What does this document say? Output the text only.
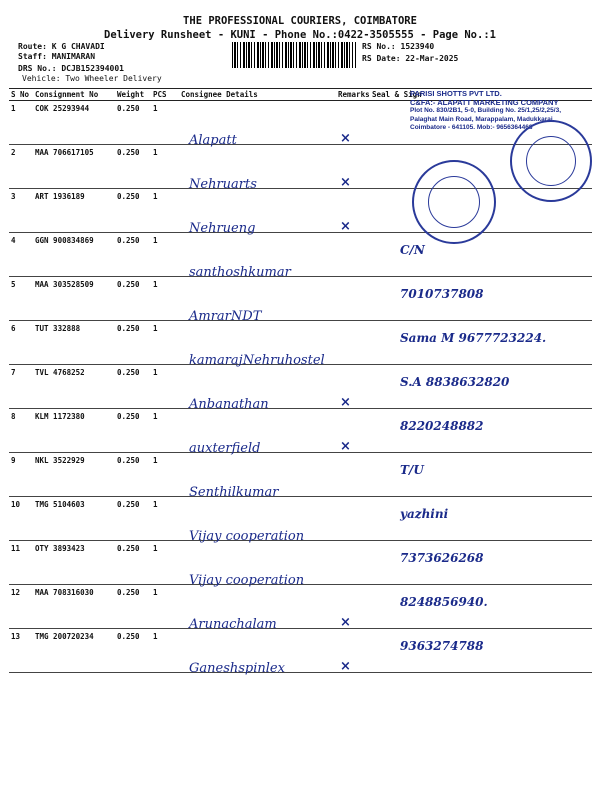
THE PROFESSIONAL COURIERS, COIMBATORE
Delivery Runsheet - KUNI - Phone No.:0422-3505555 - Page No.:1
Route: K G CHAVADI
Staff: MANIMARAN
DRS No.: DCJB152394001
Vehicle: Two Wheeler Delivery
RS No.: 1523940
RS Date: 22-Mar-2025
S No	Consignment No	Weight	PCS	Consignee Details	Remarks	Seal & Sign
1	COK 25293944	0.250	1	Alapatt	×	

2	MAA 706617105	0.250	1	Nehruarts	×	

3	ART 1936189	0.250	1	Nehrueng	×	

4	GGN 900834869	0.250	1	santhoshkumar		C/N

5	MAA 303528509	0.250	1	AmrarNDT		7010737808

6	TUT 332888	0.250	1	kamarajNehruhostel		Sama M 9677723224.

7	TVL 4768252	0.250	1	Anbanathan	×	S.A 8838632820

8	KLM 1172380	0.250	1	auxterfield	×	8220248882

9	NKL 3522929	0.250	1	Senthilkumar		T/U

10	TMG 5104603	0.250	1	Vijay cooperation		yazhini

11	OTY 3893423	0.250	1	Vijay cooperation		7373626268

12	MAA 708316030	0.250	1	Arunachalam	×	8248856940.

13	TMG 200720234	0.250	1	Ganeshspinlex	×	9363274788
PARISI SHOTTS PVT LTD.
C&FA:- ALAPATT MARKETING COMPANY
Plot No. 830/2B1, 5-0, Building No. 25/1,25/2,25/3,
Palaghat Main Road, Marappalam, Madukkarai,
Coimbatore - 641105. Mob:- 9656364468
